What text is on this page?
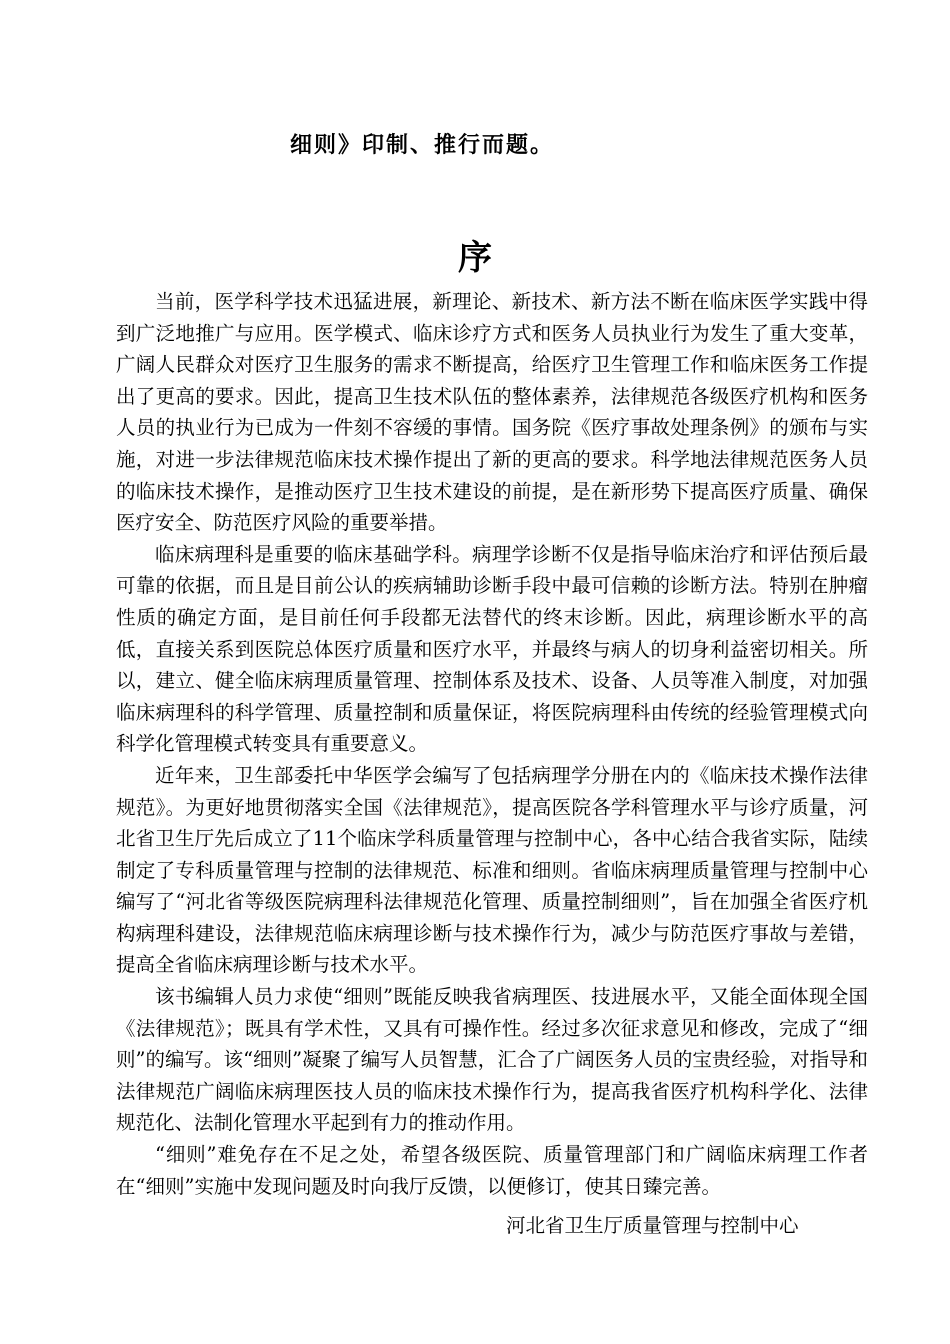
细则》印制、推行而题。
序

当前，医学科学技术迅猛进展，新理论、新技术、新方法不断在临床医学实践中得到广泛地推广与应用。医学模式、临床诊疗方式和医务人员执业行为发生了重大变革，广阔人民群众对医疗卫生服务的需求不断提高，给医疗卫生管理工作和临床医务工作提出了更高的要求。因此，提高卫生技术队伍的整体素养，法律规范各级医疗机构和医务人员的执业行为已成为一件刻不容缓的事情。国务院《医疗事故处理条例》的颁布与实施，对进一步法律规范临床技术操作提出了新的更高的要求。科学地法律规范医务人员的临床技术操作，是推动医疗卫生技术建设的前提，是在新形势下提高医疗质量、确保医疗安全、防范医疗风险的重要举措。

临床病理科是重要的临床基础学科。病理学诊断不仅是指导临床治疗和评估预后最可靠的依据，而且是目前公认的疾病辅助诊断手段中最可信赖的诊断方法。特别在肿瘤性质的确定方面，是目前任何手段都无法替代的终末诊断。因此，病理诊断水平的高低，直接关系到医院总体医疗质量和医疗水平，并最终与病人的切身利益密切相关。所以，建立、健全临床病理质量管理、控制体系及技术、设备、人员等准入制度，对加强临床病理科的科学管理、质量控制和质量保证，将医院病理科由传统的经验管理模式向科学化管理模式转变具有重要意义。

近年来，卫生部委托中华医学会编写了包括病理学分册在内的《临床技术操作法律规范》。为更好地贯彻落实全国《法律规范》，提高医院各学科管理水平与诊疗质量，河北省卫生厅先后成立了11个临床学科质量管理与控制中心，各中心结合我省实际，陆续制定了专科质量管理与控制的法律规范、标准和细则。省临床病理质量管理与控制中心编写了“河北省等级医院病理科法律规范化管理、质量控制细则”，旨在加强全省医疗机构病理科建设，法律规范临床病理诊断与技术操作行为，减少与防范医疗事故与差错，提高全省临床病理诊断与技术水平。

该书编辑人员力求使“细则”既能反映我省病理医、技进展水平，又能全面体现全国《法律规范》；既具有学术性，又具有可操作性。经过多次征求意见和修改，完成了“细则”的编写。该“细则”凝聚了编写人员智慧，汇合了广阔医务人员的宝贵经验，对指导和法律规范广阔临床病理医技人员的临床技术操作行为，提高我省医疗机构科学化、法律规范化、法制化管理水平起到有力的推动作用。

“细则”难免存在不足之处，希望各级医院、质量管理部门和广阔临床病理工作者在“细则”实施中发现问题及时向我厅反馈，以便修订，使其日臻完善。

河北省卫生厅质量管理与控制中心
